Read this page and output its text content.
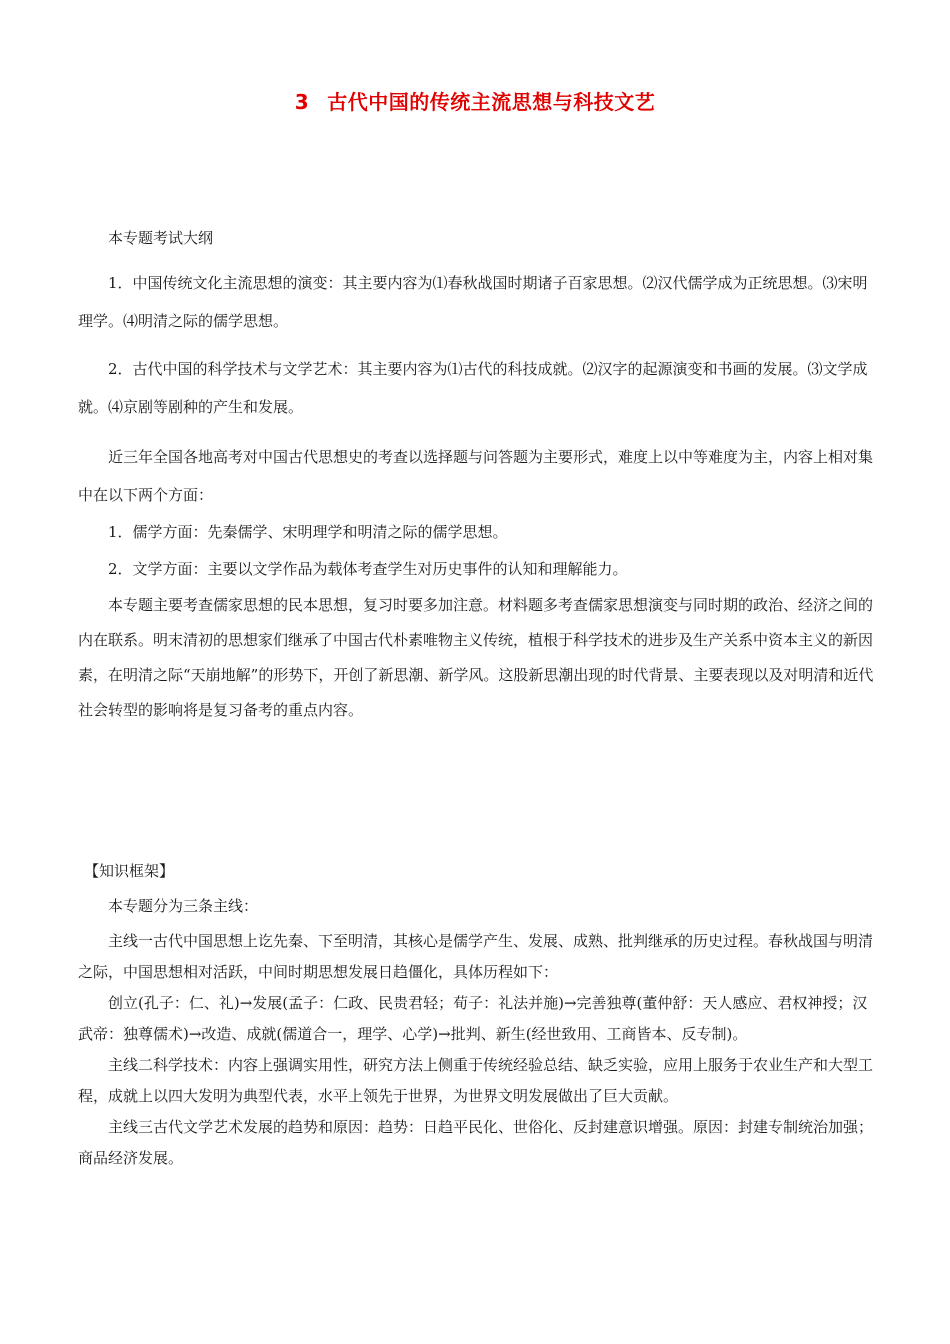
3 古代中国的传统主流思想与科技文艺

本专题考试大纲

1．中国传统文化主流思想的演变：其主要内容为⑴春秋战国时期诸子百家思想。⑵汉代儒学成为正统思想。⑶宋明理学。⑷明清之际的儒学思想。

2．古代中国的科学技术与文学艺术：其主要内容为⑴古代的科技成就。⑵汉字的起源演变和书画的发展。⑶文学成就。⑷京剧等剧种的产生和发展。

近三年全国各地高考对中国古代思想史的考查以选择题与问答题为主要形式，难度上以中等难度为主，内容上相对集中在以下两个方面：

1．儒学方面：先秦儒学、宋明理学和明清之际的儒学思想。

2．文学方面：主要以文学作品为载体考查学生对历史事件的认知和理解能力。

本专题主要考查儒家思想的民本思想，复习时要多加注意。材料题多考查儒家思想演变与同时期的政治、经济之间的内在联系。明末清初的思想家们继承了中国古代朴素唯物主义传统，植根于科学技术的进步及生产关系中资本主义的新因素，在明清之际“天崩地解”的形势下，开创了新思潮、新学风。这股新思潮出现的时代背景、主要表现以及对明清和近代社会转型的影响将是复习备考的重点内容。

【知识框架】

本专题分为三条主线：

主线一古代中国思想上讫先秦、下至明清，其核心是儒学产生、发展、成熟、批判继承的历史过程。春秋战国与明清之际，中国思想相对活跃，中间时期思想发展日趋僵化，具体历程如下：

创立(孔子：仁、礼)→发展(孟子：仁政、民贵君轻；荀子：礼法并施)→完善独尊(董仲舒：天人感应、君权神授；汉武帝：独尊儒术)→改造、成就(儒道合一，理学、心学)→批判、新生(经世致用、工商皆本、反专制)。

主线二科学技术：内容上强调实用性，研究方法上侧重于传统经验总结、缺乏实验，应用上服务于农业生产和大型工程，成就上以四大发明为典型代表，水平上领先于世界，为世界文明发展做出了巨大贡献。

主线三古代文学艺术发展的趋势和原因：趋势：日趋平民化、世俗化、反封建意识增强。原因：封建专制统治加强；商品经济发展。
